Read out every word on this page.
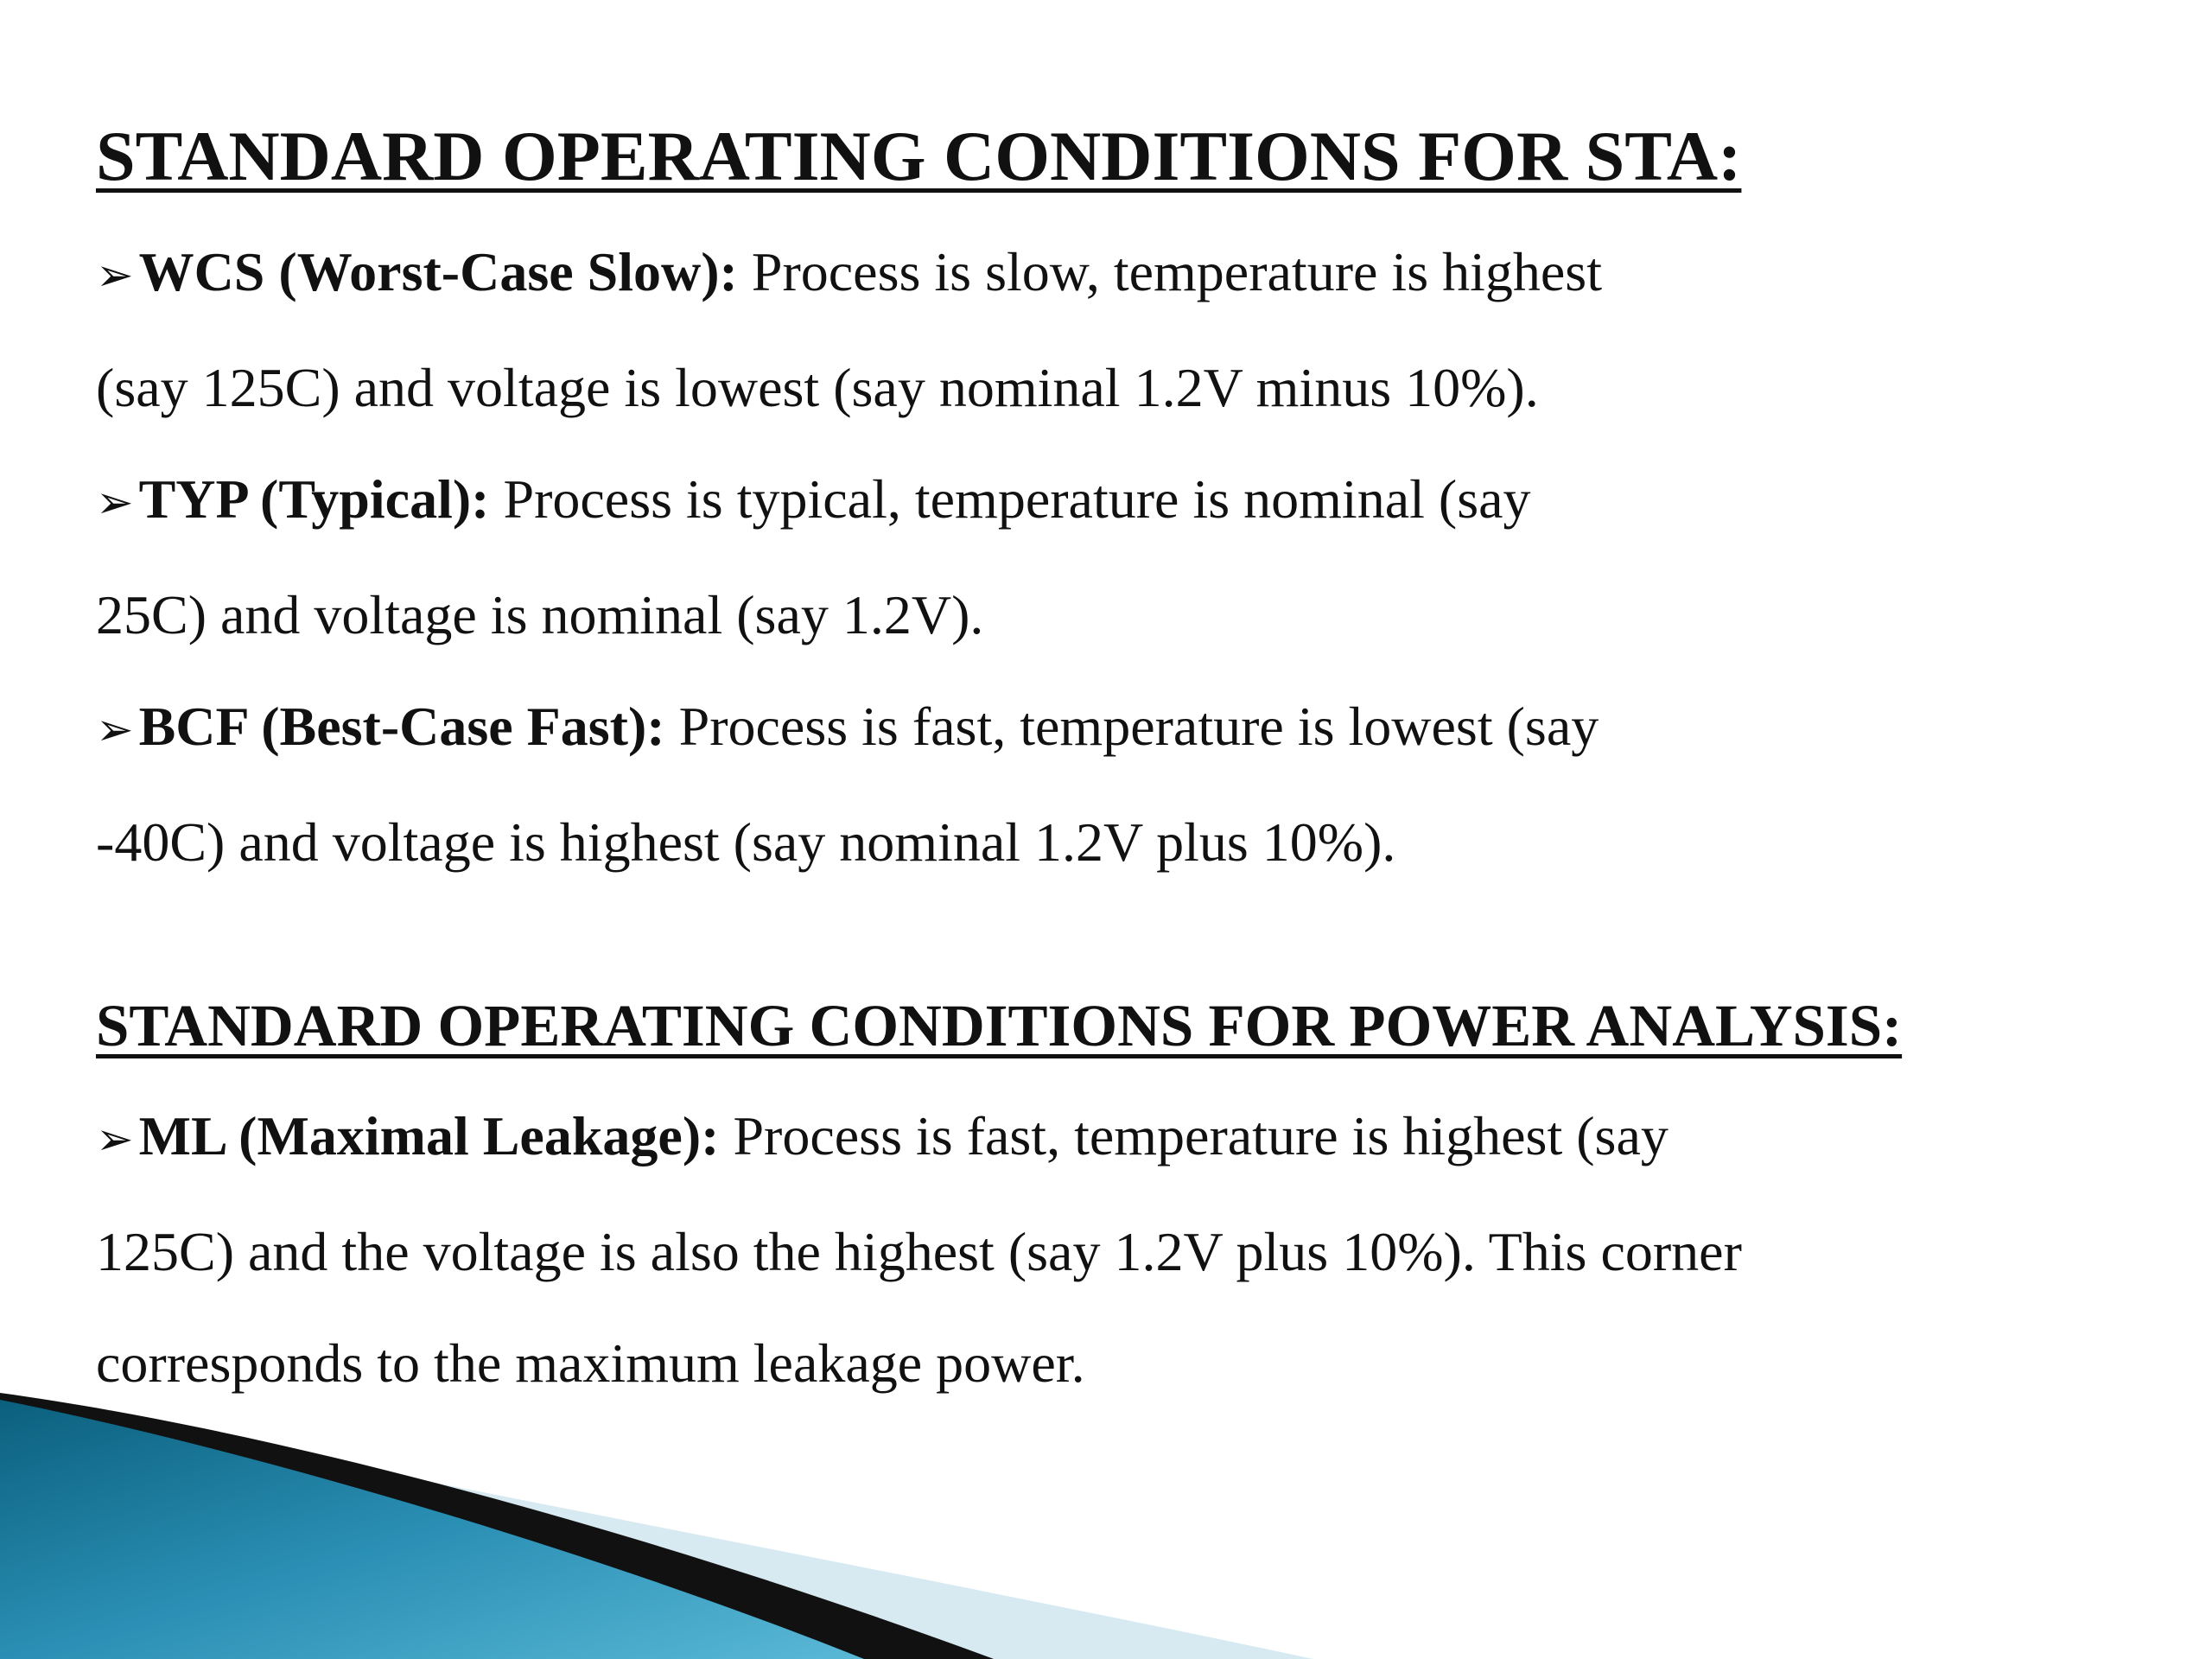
STANDARD OPERATING CONDITIONS FOR STA:

➢WCS (Worst-Case Slow): Process is slow, temperature is highest
(say 125C) and voltage is lowest (say nominal 1.2V minus 10%).

➢TYP (Typical): Process is typical, temperature is nominal (say
25C) and voltage is nominal (say 1.2V).

➢BCF (Best-Case Fast): Process is fast, temperature is lowest (say
-40C) and voltage is highest (say nominal 1.2V plus 10%).

STANDARD OPERATING CONDITIONS FOR POWER ANALYSIS:

➢ML (Maximal Leakage): Process is fast, temperature is highest (say
125C) and the voltage is also the highest (say 1.2V plus 10%). This corner
corresponds to the maximum leakage power.
